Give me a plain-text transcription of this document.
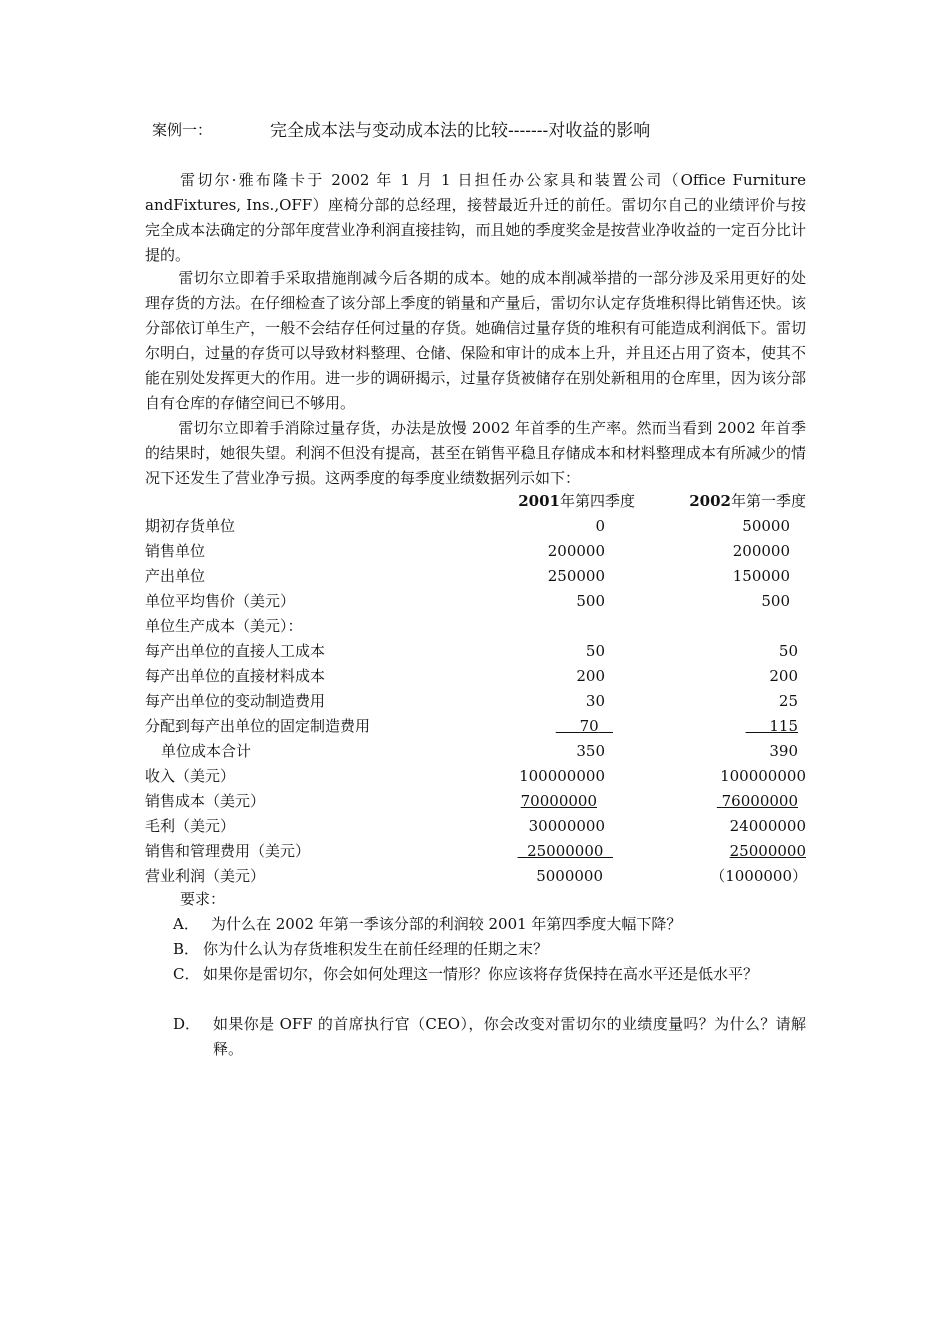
案例一：	完全成本法与变动成本法的比较-------对收益的影响

雷切尔·雅布隆卡于 2002 年 1 月 1 日担任办公家具和装置公司（Office Furniture andFixtures, Ins.,OFF）座椅分部的总经理，接替最近升迁的前任。雷切尔自己的业绩评价与按完全成本法确定的分部年度营业净利润直接挂钩，而且她的季度奖金是按营业净收益的一定百分比计提的。

雷切尔立即着手采取措施削减今后各期的成本。她的成本削减举措的一部分涉及采用更好的处理存货的方法。在仔细检查了该分部上季度的销量和产量后，雷切尔认定存货堆积得比销售还快。该分部依订单生产，一般不会结存任何过量的存货。她确信过量存货的堆积有可能造成利润低下。雷切尔明白，过量的存货可以导致材料整理、仓储、保险和审计的成本上升，并且还占用了资本，使其不能在别处发挥更大的作用。进一步的调研揭示，过量存货被储存在别处新租用的仓库里，因为该分部自有仓库的存储空间已不够用。

雷切尔立即着手消除过量存货，办法是放慢 2002 年首季的生产率。然而当看到 2002 年首季的结果时，她很失望。利润不但没有提高，甚至在销售平稳且存储成本和材料整理成本有所减少的情况下还发生了营业净亏损。这两季度的每季度业绩数据列示如下：

2001年第四季度	2002年第一季度
期初存货单位	0	50000
销售单位	200000	200000
产出单位	250000	150000
单位平均售价（美元）	500	500
单位生产成本（美元）：
每产出单位的直接人工成本	50	50
每产出单位的直接材料成本	200	200
每产出单位的变动制造费用	30	25
分配到每产出单位的固定制造费用	70	115
单位成本合计	350	390
收入（美元）	100000000	100000000
销售成本（美元）	70000000	76000000
毛利（美元）	30000000	24000000
销售和管理费用（美元）	25000000	25000000
营业利润（美元）	5000000	（1000000）
要求：
A． 为什么在 2002 年第一季该分部的利润较 2001 年第四季度大幅下降？
B． 你为什么认为存货堆积发生在前任经理的任期之末？
C． 如果你是雷切尔，你会如何处理这一情形？你应该将存货保持在高水平还是低水平？
D． 如果你是 OFF 的首席执行官（CEO），你会改变对雷切尔的业绩度量吗？为什么？请解释。
